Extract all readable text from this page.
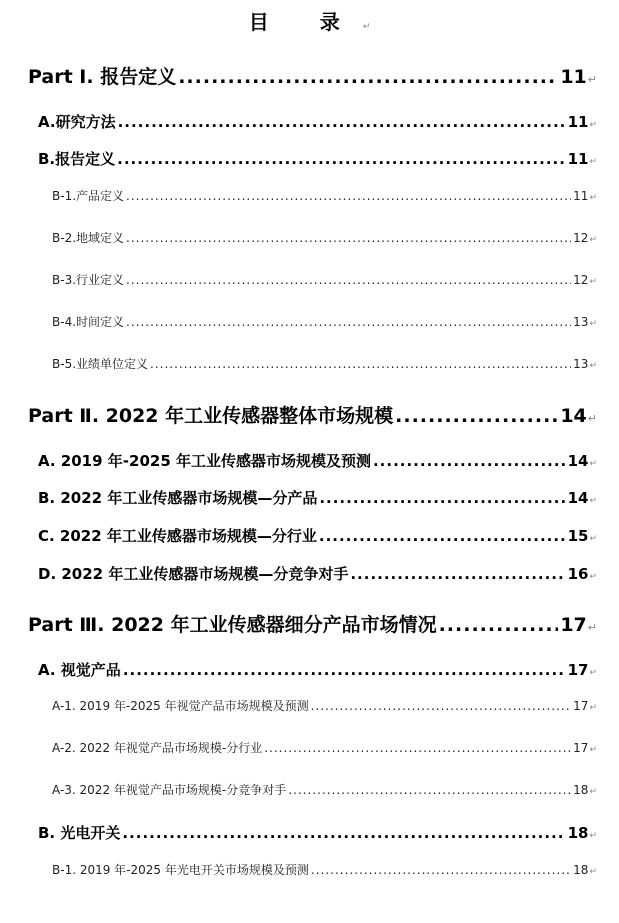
目 录↵
Part Ⅰ. 报告定义 .....	11 ↵
A.研究方法 .....	11 ↵
B.报告定义 .....	11 ↵
B-1.产品定义 .....	11 ↵
B-2.地域定义 .....	12 ↵
B-3.行业定义 .....	12 ↵
B-4.时间定义 .....	13 ↵
B-5.业绩单位定义 .....	13 ↵
Part Ⅱ. 2022 年工业传感器整体市场规模 .....	14 ↵
A. 2019 年-2025 年工业传感器市场规模及预测 .....	14 ↵
B. 2022 年工业传感器市场规模—分产品 .....	14 ↵
C. 2022 年工业传感器市场规模—分行业 .....	15 ↵
D. 2022 年工业传感器市场规模—分竞争对手 .....	16 ↵
Part Ⅲ. 2022 年工业传感器细分产品市场情况 .....	17 ↵
A. 视觉产品 .....	17 ↵
A-1. 2019 年-2025 年视觉产品市场规模及预测 .....	17 ↵
A-2. 2022 年视觉产品市场规模-分行业 .....	17 ↵
A-3. 2022 年视觉产品市场规模-分竞争对手 .....	18 ↵
B. 光电开关 .....	18 ↵
B-1. 2019 年-2025 年光电开关市场规模及预测 .....	18 ↵
